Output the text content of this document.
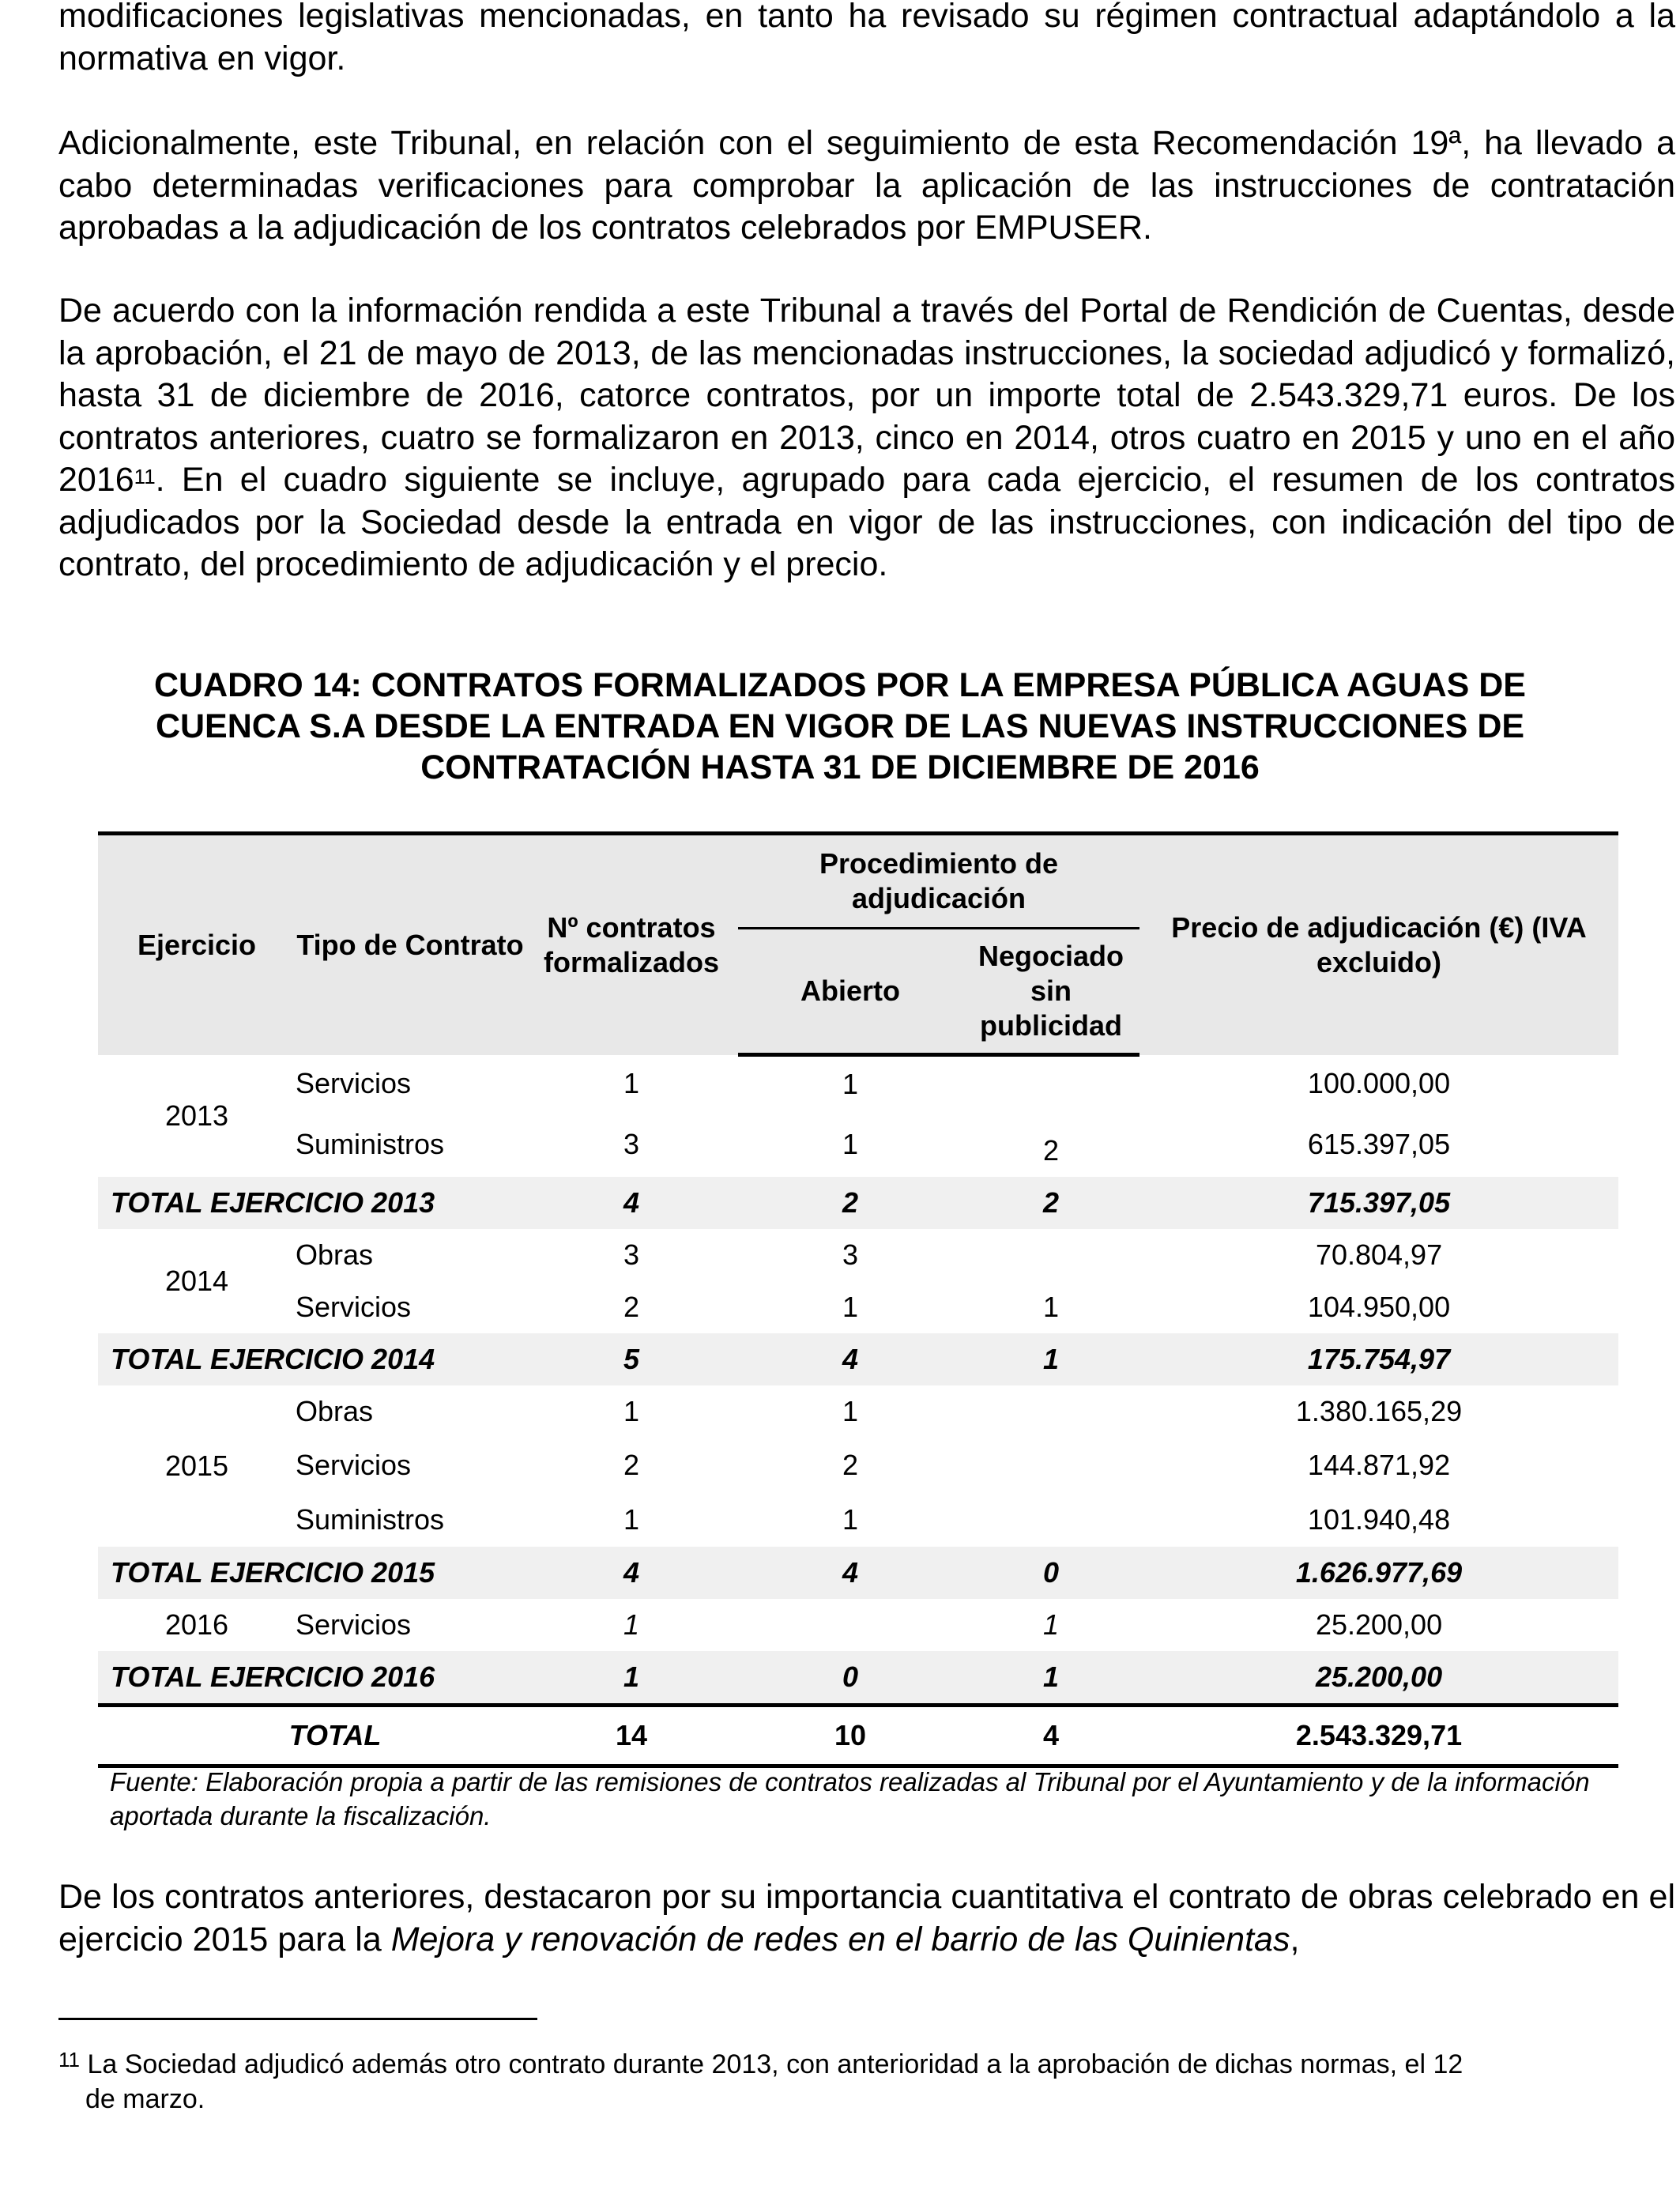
modificaciones legislativas mencionadas, en tanto ha revisado su régimen contractual adaptándolo a la normativa en vigor.

Adicionalmente, este Tribunal, en relación con el seguimiento de esta Recomendación 19ª, ha llevado a cabo determinadas verificaciones para comprobar la aplicación de las instrucciones de contratación aprobadas a la adjudicación de los contratos celebrados por EMPUSER.

De acuerdo con la información rendida a este Tribunal a través del Portal de Rendición de Cuentas, desde la aprobación, el 21 de mayo de 2013, de las mencionadas instrucciones, la sociedad adjudicó y formalizó, hasta 31 de diciembre de 2016, catorce contratos, por un importe total de 2.543.329,71 euros. De los contratos anteriores, cuatro se formalizaron en 2013, cinco en 2014, otros cuatro en 2015 y uno en el año 2016$^{11}$. En el cuadro siguiente se incluye, agrupado para cada ejercicio, el resumen de los contratos adjudicados por la Sociedad desde la entrada en vigor de las instrucciones, con indicación del tipo de contrato, del procedimiento de adjudicación y el precio.

CUADRO 14: CONTRATOS FORMALIZADOS POR LA EMPRESA PÚBLICA AGUAS DE CUENCA S.A DESDE LA ENTRADA EN VIGOR DE LAS NUEVAS INSTRUCCIONES DE CONTRATACIÓN HASTA 31 DE DICIEMBRE DE 2016

Ejercicio	Tipo de Contrato	Nº contratos formalizados	Procedimiento de adjudicación		Precio de adjudicación (€) (IVA excluido)
			Abierto	Negociado sin publicidad
2013	Servicios	1	1		100.000,00
	Suministros	3	1	2	615.397,05
TOTAL EJERCICIO 2013		4	2	2	715.397,05
2014	Obras	3	3		70.804,97
	Servicios	2	1	1	104.950,00
TOTAL EJERCICIO 2014		5	4	1	175.754,97
2015	Obras	1	1		1.380.165,29
	Servicios	2	2		144.871,92
	Suministros	1	1		101.940,48
TOTAL EJERCICIO 2015		4	4	0	1.626.977,69
2016	Servicios	1		1	25.200,00
TOTAL EJERCICIO 2016		1	0	1	25.200,00
TOTAL		14	10	4	2.543.329,71

Fuente: Elaboración propia a partir de las remisiones de contratos realizadas al Tribunal por el Ayuntamiento y de la información aportada durante la fiscalización.

De los contratos anteriores, destacaron por su importancia cuantitativa el contrato de obras celebrado en el ejercicio 2015 para la Mejora y renovación de redes en el barrio de las Quinientas,

$^{11}$ La Sociedad adjudicó además otro contrato durante 2013, con anterioridad a la aprobación de dichas normas, el 12
de marzo.
